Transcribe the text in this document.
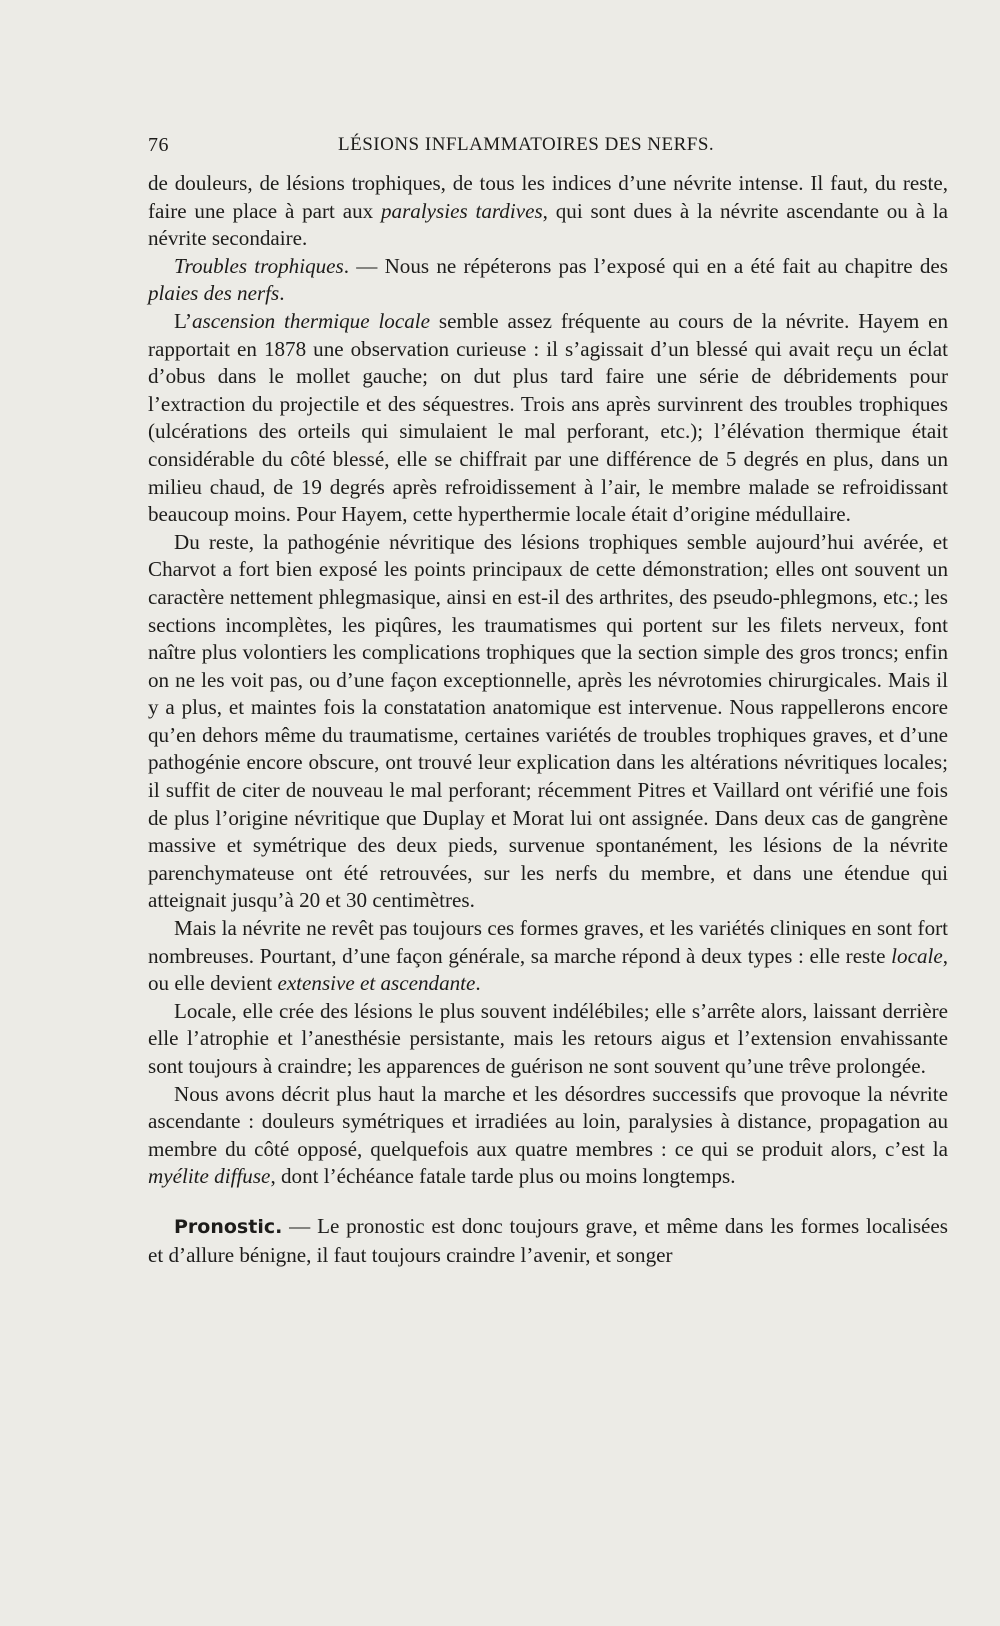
76	LÉSIONS INFLAMMATOIRES DES NERFS.

de douleurs, de lésions trophiques, de tous les indices d’une névrite intense. Il faut, du reste, faire une place à part aux paralysies tardives, qui sont dues à la névrite ascendante ou à la névrite secondaire.

Troubles trophiques. — Nous ne répéterons pas l’exposé qui en a été fait au chapitre des plaies des nerfs.

L’ascension thermique locale semble assez fréquente au cours de la névrite. Hayem en rapportait en 1878 une observation curieuse : il s’agissait d’un blessé qui avait reçu un éclat d’obus dans le mollet gauche; on dut plus tard faire une série de débridements pour l’extraction du projectile et des séquestres. Trois ans après survinrent des troubles trophiques (ulcérations des orteils qui simulaient le mal perforant, etc.); l’élévation thermique était considérable du côté blessé, elle se chiffrait par une différence de 5 degrés en plus, dans un milieu chaud, de 19 degrés après refroidissement à l’air, le membre malade se refroidissant beaucoup moins. Pour Hayem, cette hyperthermie locale était d’origine médullaire.

Du reste, la pathogénie névritique des lésions trophiques semble aujourd’hui avérée, et Charvot a fort bien exposé les points principaux de cette démonstration; elles ont souvent un caractère nettement phlegmasique, ainsi en est-il des arthrites, des pseudo-phlegmons, etc.; les sections incomplètes, les piqûres, les traumatismes qui portent sur les filets nerveux, font naître plus volontiers les complications trophiques que la section simple des gros troncs; enfin on ne les voit pas, ou d’une façon exceptionnelle, après les névrotomies chirurgicales. Mais il y a plus, et maintes fois la constatation anatomique est intervenue. Nous rappellerons encore qu’en dehors même du traumatisme, certaines variétés de troubles trophiques graves, et d’une pathogénie encore obscure, ont trouvé leur explication dans les altérations névritiques locales; il suffit de citer de nouveau le mal perforant; récemment Pitres et Vaillard ont vérifié une fois de plus l’origine névritique que Duplay et Morat lui ont assignée. Dans deux cas de gangrène massive et symétrique des deux pieds, survenue spontanément, les lésions de la névrite parenchymateuse ont été retrouvées, sur les nerfs du membre, et dans une étendue qui atteignait jusqu’à 20 et 30 centimètres.

Mais la névrite ne revêt pas toujours ces formes graves, et les variétés cliniques en sont fort nombreuses. Pourtant, d’une façon générale, sa marche répond à deux types : elle reste locale, ou elle devient extensive et ascendante.

Locale, elle crée des lésions le plus souvent indélébiles; elle s’arrête alors, laissant derrière elle l’atrophie et l’anesthésie persistante, mais les retours aigus et l’extension envahissante sont toujours à craindre; les apparences de guérison ne sont souvent qu’une trêve prolongée.

Nous avons décrit plus haut la marche et les désordres successifs que provoque la névrite ascendante : douleurs symétriques et irradiées au loin, paralysies à distance, propagation au membre du côté opposé, quelquefois aux quatre membres : ce qui se produit alors, c’est la myélite diffuse, dont l’échéance fatale tarde plus ou moins longtemps.

Pronostic. — Le pronostic est donc toujours grave, et même dans les formes localisées et d’allure bénigne, il faut toujours craindre l’avenir, et songer
